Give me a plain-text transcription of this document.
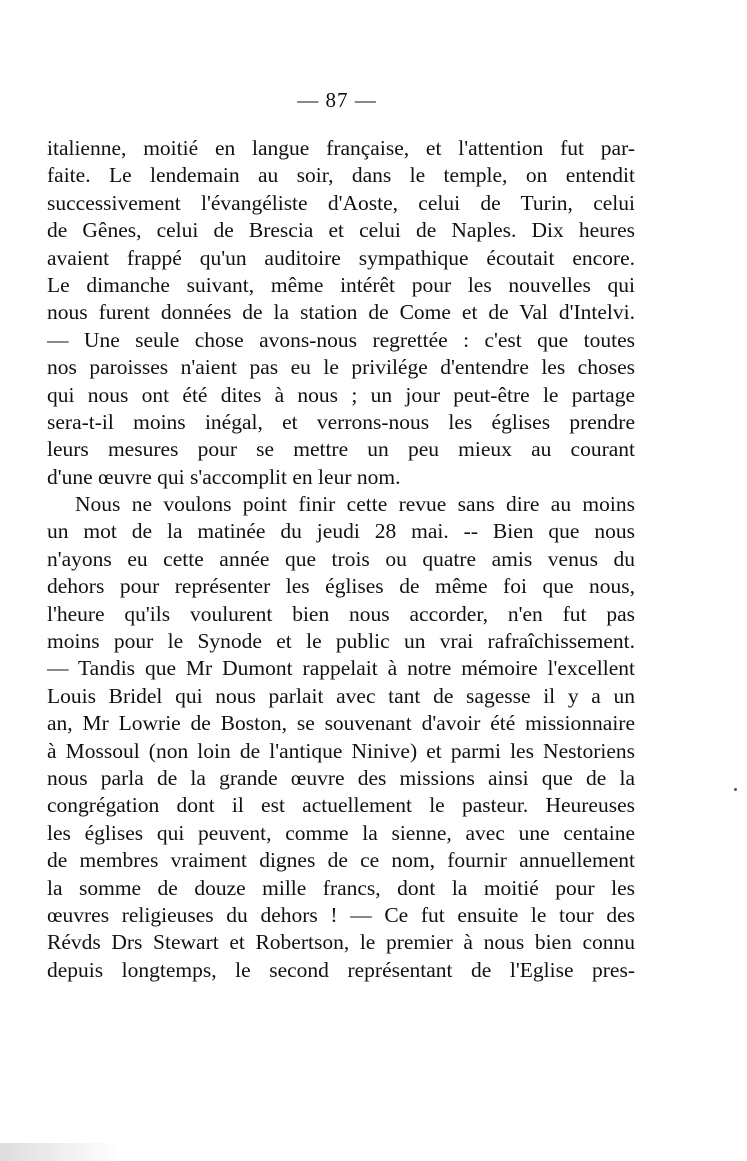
— 87 —
italienne, moitié en langue française, et l'attention fut par-
faite. Le lendemain au soir, dans le temple, on entendit
successivement l'évangéliste d'Aoste, celui de Turin, celui
de Gênes, celui de Brescia et celui de Naples. Dix heures
avaient frappé qu'un auditoire sympathique écoutait encore.
Le dimanche suivant, même intérêt pour les nouvelles qui
nous furent données de la station de Come et de Val d'Intelvi.
— Une seule chose avons-nous regrettée : c'est que toutes
nos paroisses n'aient pas eu le privilége d'entendre les choses
qui nous ont été dites à nous ; un jour peut-être le partage
sera-t-il moins inégal, et verrons-nous les églises prendre
leurs mesures pour se mettre un peu mieux au courant
d'une œuvre qui s'accomplit en leur nom.
Nous ne voulons point finir cette revue sans dire au moins
un mot de la matinée du jeudi 28 mai. -- Bien que nous
n'ayons eu cette année que trois ou quatre amis venus du
dehors pour représenter les églises de même foi que nous,
l'heure qu'ils voulurent bien nous accorder, n'en fut pas
moins pour le Synode et le public un vrai rafraîchissement.
— Tandis que Mr Dumont rappelait à notre mémoire l'excellent
Louis Bridel qui nous parlait avec tant de sagesse il y a un
an, Mr Lowrie de Boston, se souvenant d'avoir été missionnaire
à Mossoul (non loin de l'antique Ninive) et parmi les Nestoriens
nous parla de la grande œuvre des missions ainsi que de la
congrégation dont il est actuellement le pasteur. Heureuses
les églises qui peuvent, comme la sienne, avec une centaine
de membres vraiment dignes de ce nom, fournir annuellement
la somme de douze mille francs, dont la moitié pour les
œuvres religieuses du dehors ! — Ce fut ensuite le tour des
Révds Drs Stewart et Robertson, le premier à nous bien connu
depuis longtemps, le second représentant de l'Eglise pres-
